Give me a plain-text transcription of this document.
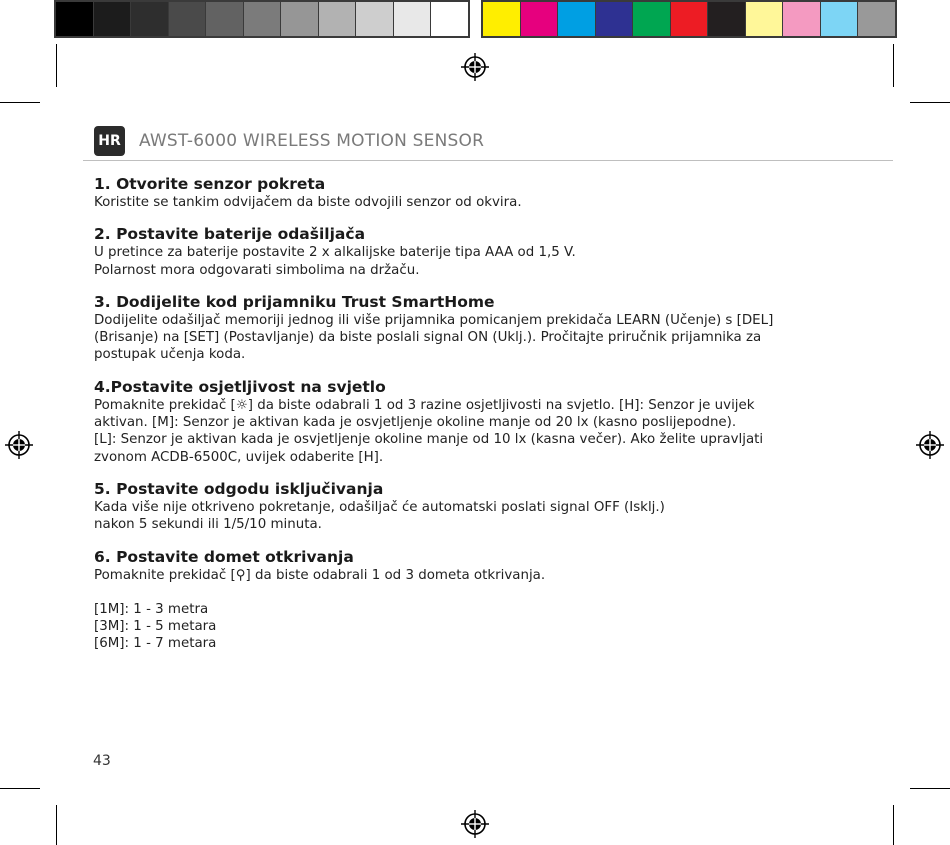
HR AWST-6000 WIRELESS MOTION SENSOR
1. Otvorite senzor pokreta
Koristite se tankim odvijačem da biste odvojili senzor od okvira.
2. Postavite baterije odašiljača
U pretince za baterije postavite 2 x alkalijske baterije tipa AAA od 1,5 V.
Polarnost mora odgovarati simbolima na držaču.
3. Dodijelite kod prijamniku Trust SmartHome
Dodijelite odašiljač memoriji jednog ili više prijamnika pomicanjem prekidača LEARN (Učenje) s [DEL]
(Brisanje) na [SET] (Postavljanje) da biste poslali signal ON (Uklj.). Pročitajte priručnik prijamnika za
postupak učenja koda.
4.Postavite osjetljivost na svjetlo
Pomaknite prekidač [☼] da biste odabrali 1 od 3 razine osjetljivosti na svjetlo. [H]: Senzor je uvijek
aktivan. [M]: Senzor je aktivan kada je osvjetljenje okoline manje od 20 lx (kasno poslijepodne).
[L]: Senzor je aktivan kada je osvjetljenje okoline manje od 10 lx (kasna večer). Ako želite upravljati
zvonom ACDB-6500C, uvijek odaberite [H].
5. Postavite odgodu isključivanja
Kada više nije otkriveno pokretanje, odašiljač će automatski poslati signal OFF (Isklj.)
nakon 5 sekundi ili 1/5/10 minuta.
6. Postavite domet otkrivanja
Pomaknite prekidač [⚲] da biste odabrali 1 od 3 dometa otkrivanja.
[1M]: 1 - 3 metra
[3M]: 1 - 5 metara
[6M]: 1 - 7 metara
43
